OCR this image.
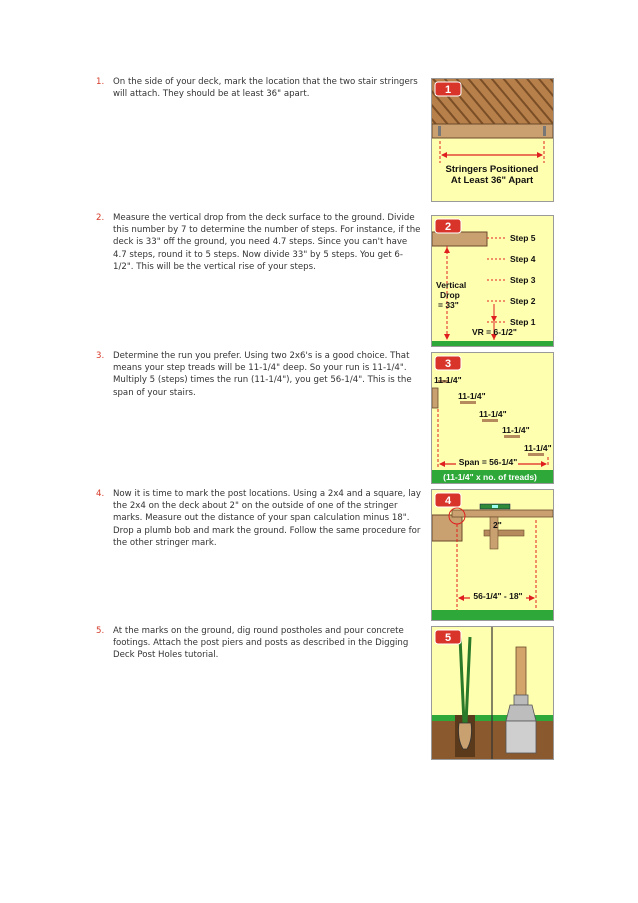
1. On the side of your deck, mark the location that the two stair stringers will attach. They should be at least 36" apart.
2. Measure the vertical drop from the deck surface to the ground. Divide this number by 7 to determine the number of steps. For instance, if the deck is 33" off the ground, you need 4.7 steps. Since you can't have 4.7 steps, round it to 5 steps. Now divide 33" by 5 steps. You get 6-1/2". This will be the vertical rise of your steps.
3. Determine the run you prefer. Using two 2x6's is a good choice. That means your step treads will be 11-1/4" deep. So your run is 11-1/4". Multiply 5 (steps) times the run (11-1/4"), you get 56-1/4". This is the span of your stairs.
4. Now it is time to mark the post locations. Using a 2x4 and a square, lay the 2x4 on the deck about 2" on the outside of one of the stringer marks. Measure out the distance of your span calculation minus 18". Drop a plumb bob and mark the ground. Follow the same procedure for the other stringer mark.
5. At the marks on the ground, dig round postholes and pour concrete footings. Attach the post piers and posts as described in the Digging Deck Post Holes tutorial.
Stringers Positioned
At Least 36" Apart
1
Step 5
Step 4
Step 3
Step 2
Step 1
Vertical
Drop
= 33"
VR = 6-1/2"
2
11-1/4"
11-1/4"
11-1/4"
11-1/4"
11-1/4"
Span = 56-1/4"
(11-1/4" x no. of treads)
3
2"
56-1/4" - 18"
4
5
